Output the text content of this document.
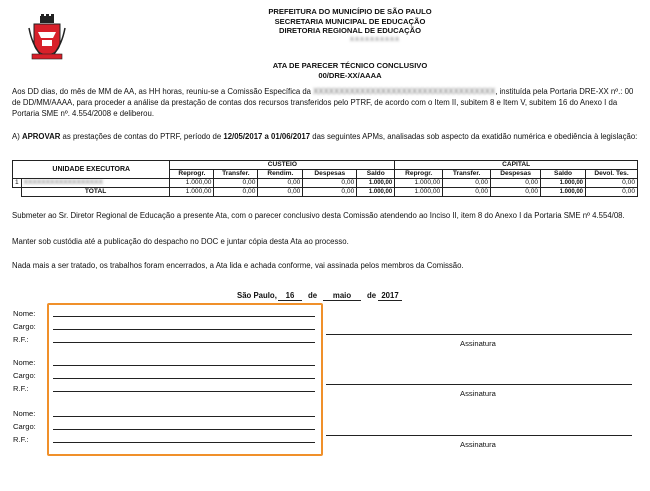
PREFEITURA DO MUNICÍPIO DE SÃO PAULO
SECRETARIA MUNICIPAL DE EDUCAÇÃO
DIRETORIA REGIONAL DE EDUCAÇÃO
XXXXXXXXXX
ATA DE PARECER TÉCNICO CONCLUSIVO
00/DRE-XX/AAAA
Aos DD dias, do mês de MM de AA, as HH horas, reuniu-se a Comissão Específica da XXXXXXXXXXXXXXXXXXXXXXXXXXXXXXXXXXX, instituída pela Portaria DRE-XX nº.: 00 de DD/MM/AAAA, para proceder a análise da prestação de contas dos recursos transferidos pelo PTRF, de acordo com o Item II, subitem 8 e Item V, subitem 16 do Anexo I da Portaria SME nº. 4.554/2008 e deliberou.
A) APROVAR as prestações de contas do PTRF, período de 12/05/2017 a 01/06/2017 das seguintes APMs, analisadas sob aspecto da exatidão numérica e obediência à legislação:
UNIDADE EXECUTORA		CUSTEIO					CAPITAL				
		Reprogr.	Transfer.	Rendim.	Despesas	Saldo	Reprogr.	Transfer.	Despesas	Saldo	Devol. Tes.
1	XXXXXXXXXXXXXXXXXX	1.000,00	0,00	0,00	0,00	1.000,00	1.000,00	0,00	0,00	1.000,00	0,00
	TOTAL	1.000,00	0,00	0,00	0,00	1.000,00	1.000,00	0,00	0,00	1.000,00	0,00
Submeter ao Sr. Diretor Regional de Educação a presente Ata, com o parecer conclusivo desta Comissão atendendo ao Inciso II, item 8 do Anexo I da Portaria SME nº 4.554/08.
Manter sob custódia até a publicação do despacho no DOC e juntar cópia desta Ata ao processo.
Nada mais a ser tratado, os trabalhos foram encerrados, a Ata lida e achada conforme, vai assinada pelos membros da Comissão.
São Paulo,	16	de	maio	de 2017
Nome:
Cargo:
R.F.:	Assinatura
Nome:
Cargo:
R.F.:
Assinatura
Nome:
Cargo:
R.F.:
Assinatura
